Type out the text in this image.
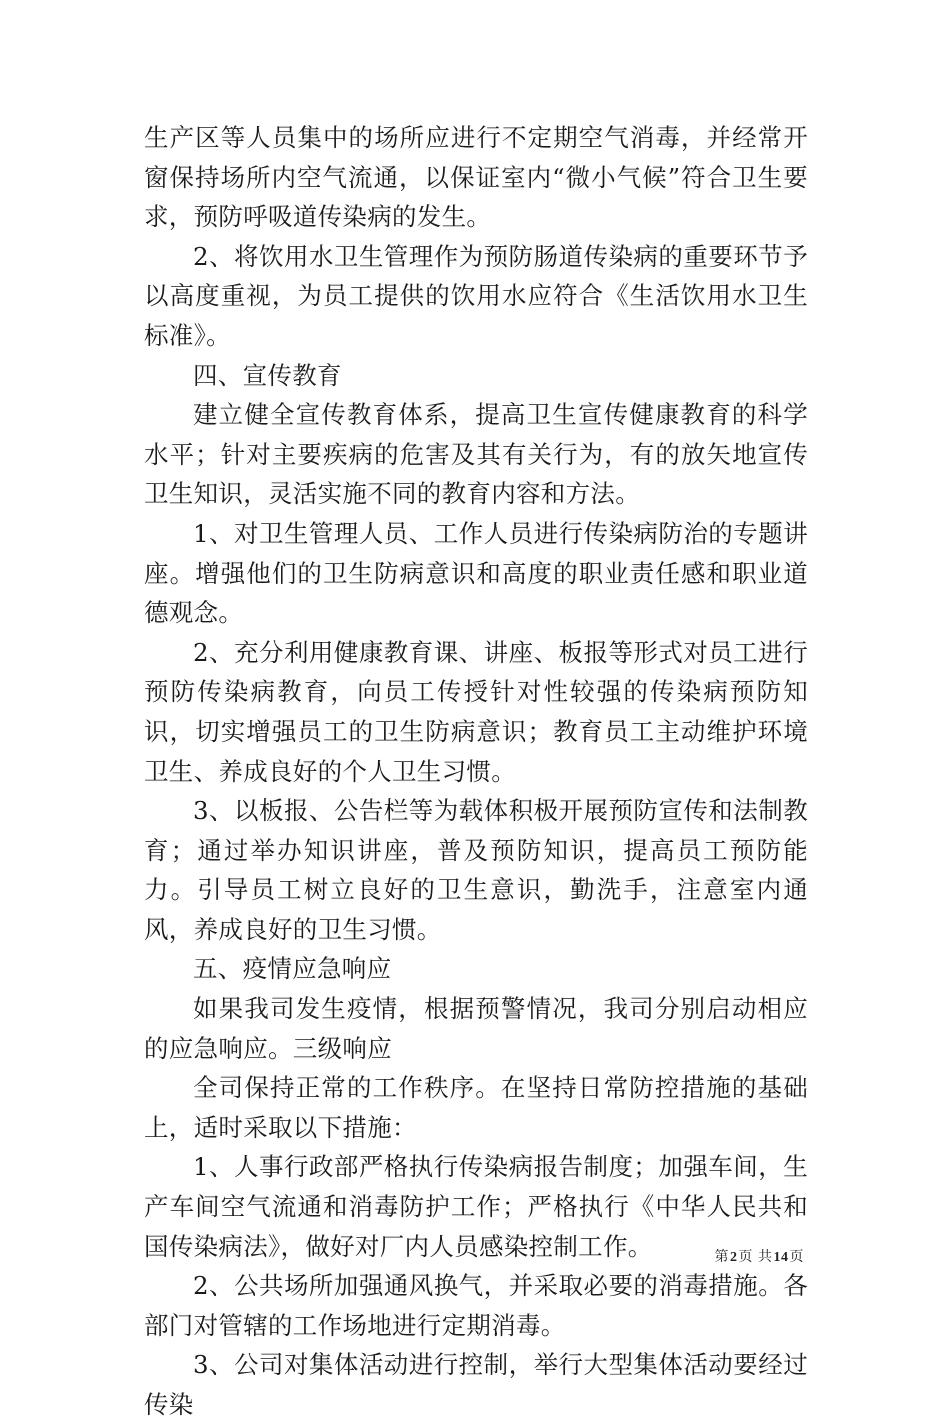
生产区等人员集中的场所应进行不定期空气消毒，并经常开窗保持场所内空气流通，以保证室内“微小气候”符合卫生要求，预防呼吸道传染病的发生。

2、将饮用水卫生管理作为预防肠道传染病的重要环节予以高度重视，为员工提供的饮用水应符合《生活饮用水卫生标准》。

四、宣传教育

建立健全宣传教育体系，提高卫生宣传健康教育的科学水平；针对主要疾病的危害及其有关行为，有的放矢地宣传卫生知识，灵活实施不同的教育内容和方法。

1、对卫生管理人员、工作人员进行传染病防治的专题讲座。增强他们的卫生防病意识和高度的职业责任感和职业道德观念。

2、充分利用健康教育课、讲座、板报等形式对员工进行预防传染病教育，向员工传授针对性较强的传染病预防知识，切实增强员工的卫生防病意识；教育员工主动维护环境卫生、养成良好的个人卫生习惯。

3、以板报、公告栏等为载体积极开展预防宣传和法制教育；通过举办知识讲座，普及预防知识，提高员工预防能力。引导员工树立良好的卫生意识，勤洗手，注意室内通风，养成良好的卫生习惯。

五、疫情应急响应

如果我司发生疫情，根据预警情况，我司分别启动相应的应急响应。三级响应

全司保持正常的工作秩序。在坚持日常防控措施的基础上，适时采取以下措施：

1、人事行政部严格执行传染病报告制度；加强车间，生产车间空气流通和消毒防护工作；严格执行《中华人民共和国传染病法》，做好对厂内人员感染控制工作。

2、公共场所加强通风换气，并采取必要的消毒措施。各部门对管辖的工作场地进行定期消毒。

3、公司对集体活动进行控制，举行大型集体活动要经过传染

第2页 共14页
